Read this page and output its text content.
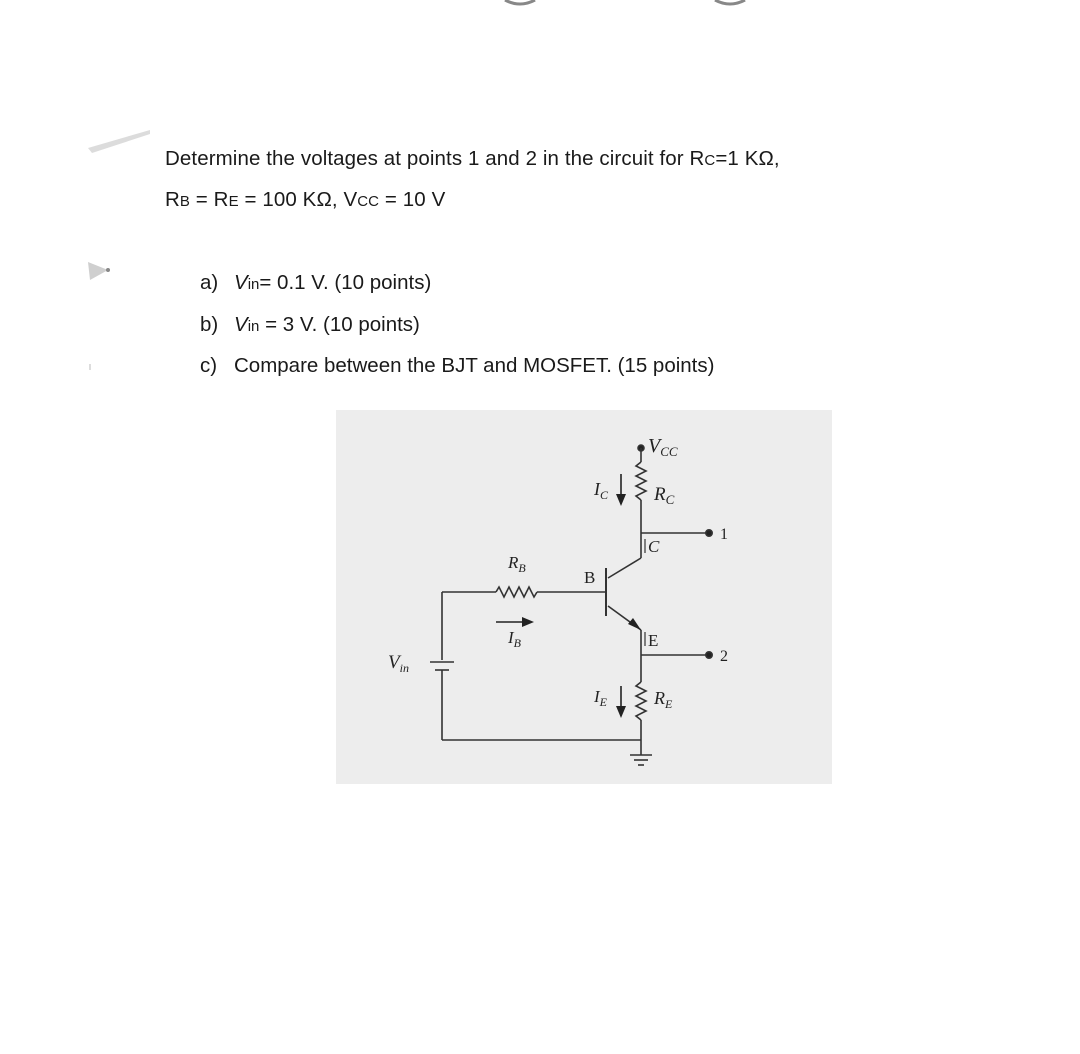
Determine the voltages at points 1 and 2 in the circuit for RC=1 KΩ,
RB = RE = 100 KΩ, VCC = 10 V
a) Vin= 0.1 V. (10 points)
b) Vin = 3 V. (10 points)
c) Compare between the BJT and MOSFET. (15 points)
$V_{CC}$
$R_C$
$I_C$
C
B
E
$R_B$
$I_B$
$I_E$	$R_E$
$V_{in}$
1
2
